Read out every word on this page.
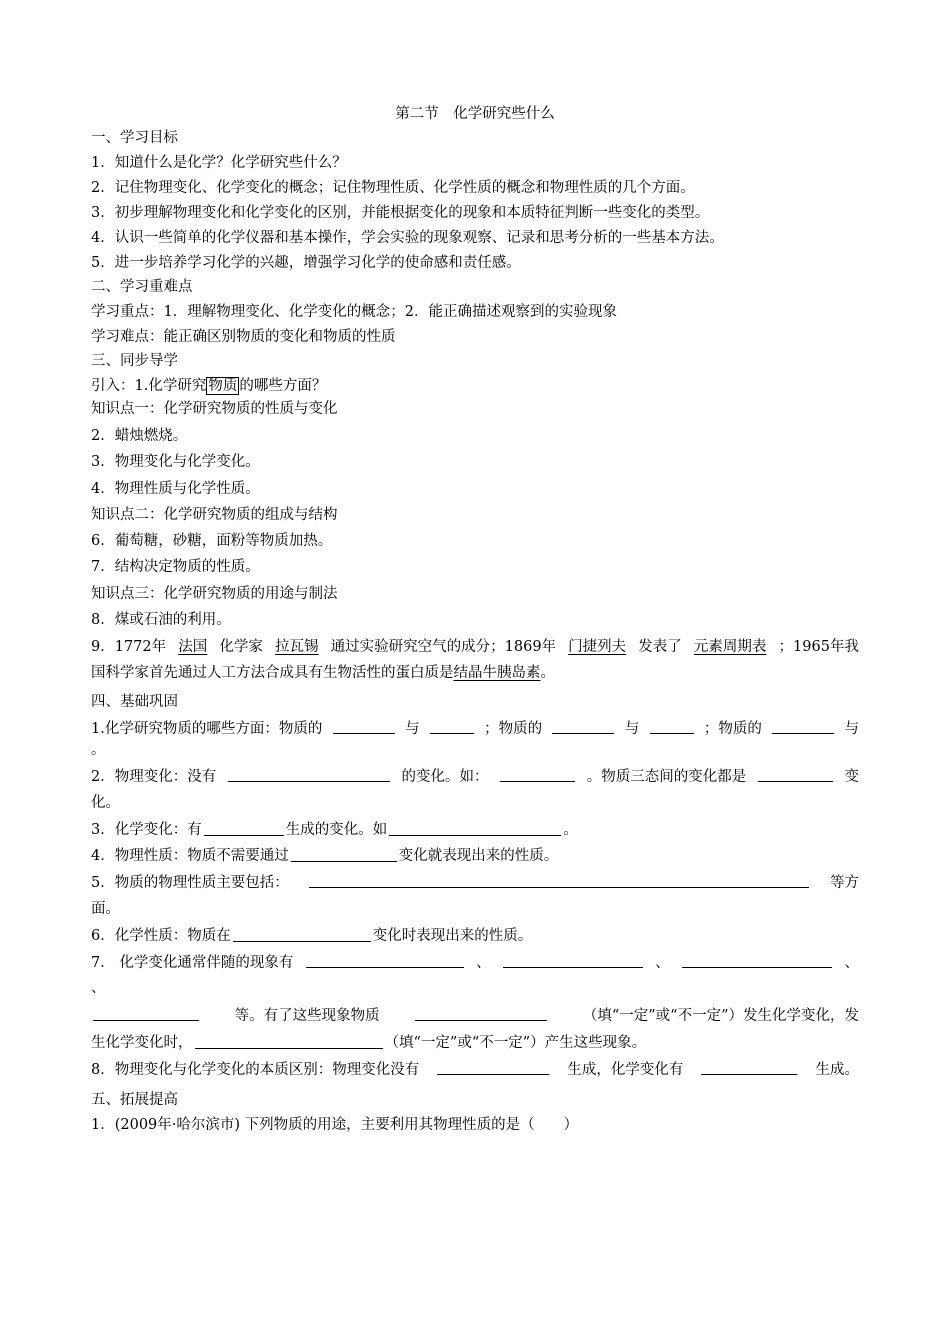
第二节　化学研究些什么
一、学习目标
1．知道什么是化学？化学研究些什么？
2．记住物理变化、化学变化的概念；记住物理性质、化学性质的概念和物理性质的几个方面。
3．初步理解物理变化和化学变化的区别，并能根据变化的现象和本质特征判断一些变化的类型。
4．认识一些简单的化学仪器和基本操作，学会实验的现象观察、记录和思考分析的一些基本方法。
5．进一步培养学习化学的兴趣，增强学习化学的使命感和责任感。
二、学习重难点
学习重点：1．理解物理变化、化学变化的概念；2．能正确描述观察到的实验现象
学习难点：能正确区别物质的变化和物质的性质
三、同步导学
引入：1.化学研究 物质 的哪些方面？
知识点一：化学研究物质的性质与变化
2．蜡烛燃烧。
3．物理变化与化学变化。
4．物理性质与化学性质。
知识点二：化学研究物质的组成与结构
6．葡萄糖，砂糖，面粉等物质加热。
7．结构决定物质的性质。
知识点三：化学研究物质的用途与制法
8．煤或石油的利用。
9．1772年 法国 化学家 拉瓦锡 通过实验研究空气的成分；1869年 门捷列夫 发表了 元素周期表 ；1965年我
国科学家首先通过人工方法合成具有生物活性的蛋白质是结晶牛胰岛素。
四、基础巩固
1.化学研究物质的哪些方面：物质的	与	；物质的	与	；物质的	与
。
2．物理变化：没有	的变化。如：	。物质三态间的变化都是	变
化。
3．化学变化：有	生成的变化。如	。
4．物理性质：物质不需要通过	变化就表现出来的性质。
5．物质的物理性质主要包括：	等方
面。
6．化学性质：物质在	变化时表现出来的性质。
7． 化学变化通常伴随的现象有	、	、	、
、
等。有了这些现象物质	（填“一定”或“不一定”）发生化学变化，发
生化学变化时，	（填“一定”或“不一定”）产生这些现象。
8．物理变化与化学变化的本质区别：物理变化没有	生成，化学变化有	生成。
五、拓展提高
1．(2009年·哈尔滨市) 下列物质的用途，主要利用其物理性质的是（　　）
